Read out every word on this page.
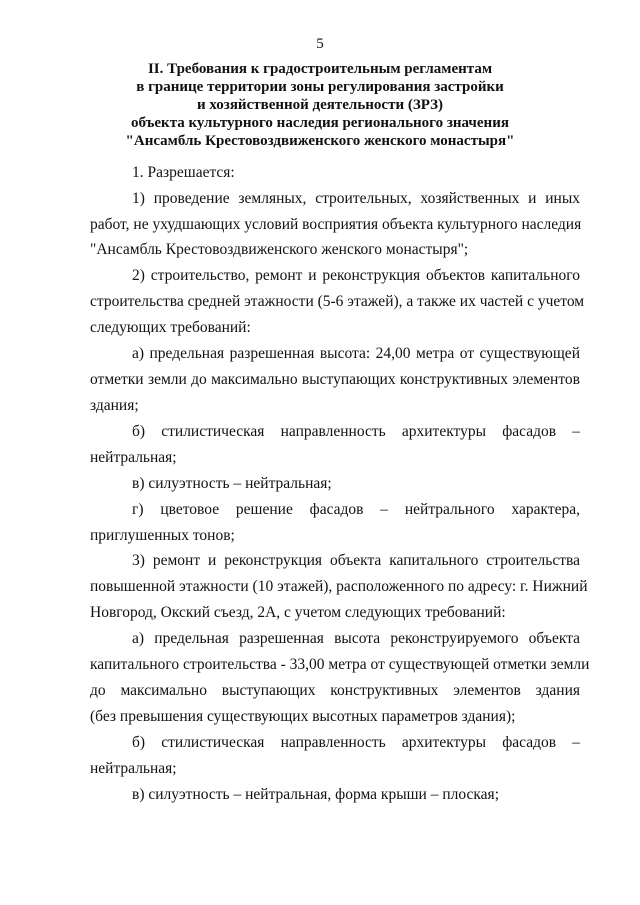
5
II. Требования к градостроительным регламентам
в границе территории зоны регулирования застройки
и хозяйственной деятельности (ЗРЗ)
объекта культурного наследия регионального значения
"Ансамбль Крестовоздвиженского женского монастыря"
1. Разрешается:
1) проведение земляных, строительных, хозяйственных и иных
работ, не ухудшающих условий восприятия объекта культурного наследия
"Ансамбль Крестовоздвиженского женского монастыря";
2) строительство, ремонт и реконструкция объектов капитального
строительства средней этажности (5-6 этажей), а также их частей с учетом
следующих требований:
а) предельная разрешенная высота: 24,00 метра от существующей
отметки земли до максимально выступающих конструктивных элементов
здания;
б) стилистическая направленность архитектуры фасадов –
нейтральная;
в) силуэтность – нейтральная;
г) цветовое решение фасадов – нейтрального характера,
приглушенных тонов;
3) ремонт и реконструкция объекта капитального строительства
повышенной этажности (10 этажей), расположенного по адресу: г. Нижний
Новгород, Окский съезд, 2А, с учетом следующих требований:
а) предельная разрешенная высота реконструируемого объекта
капитального строительства - 33,00 метра от существующей отметки земли
до максимально выступающих конструктивных элементов здания
(без превышения существующих высотных параметров здания);
б) стилистическая направленность архитектуры фасадов –
нейтральная;
в) силуэтность – нейтральная, форма крыши – плоская;
